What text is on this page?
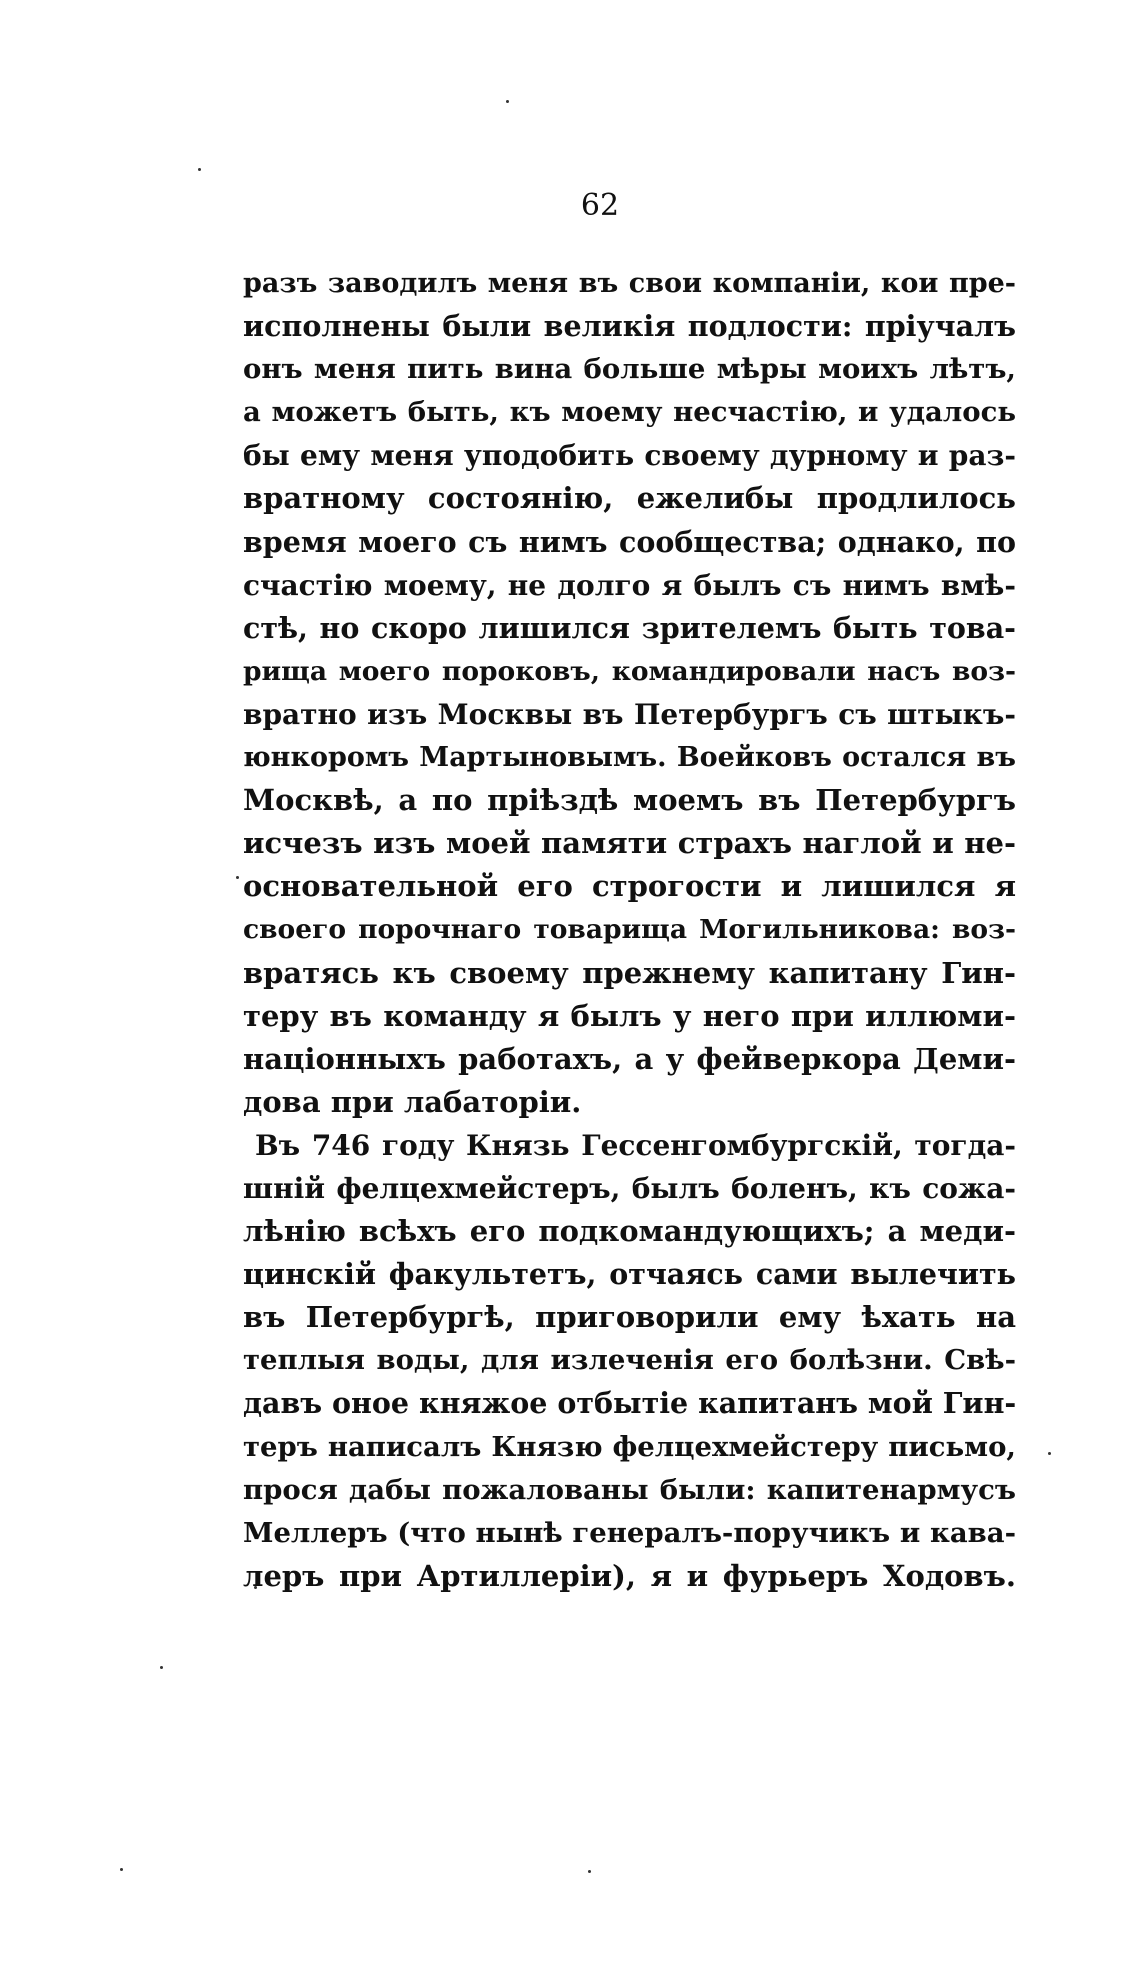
62
разъ заводилъ меня въ свои компаніи, кои пре-
исполнены были великія подлости: пріучалъ
онъ меня пить вина больше мѣры моихъ лѣтъ,
а можетъ быть, къ моему несчастію, и удалось
бы ему меня уподобить своему дурному и раз-
вратному состоянію, ежелибы продлилось
время моего съ нимъ сообщества; однако, по
счастію моему, не долго я былъ съ нимъ вмѣ-
стѣ, но скоро лишился зрителемъ быть това-
рища моего пороковъ, командировали насъ воз-
вратно изъ Москвы въ Петербургъ съ штыкъ-
юнкоромъ Мартыновымъ. Воейковъ остался въ
Москвѣ, а по пріѣздѣ моемъ въ Петербургъ
исчезъ изъ моей памяти страхъ наглой и не-
основательной его строгости и лишился я
своего порочнаго товарища Могильникова: воз-
вратясь къ своему прежнему капитану Гин-
теру въ команду я былъ у него при иллюми-
націонныхъ работахъ, а у фейверкора Деми-
дова при лабаторіи.
Въ 746 году Князь Гессенгомбургскій, тогда-
шній фелцехмейстеръ, былъ боленъ, къ сожа-
лѣнію всѣхъ его подкомандующихъ; а меди-
цинскій факультетъ, отчаясь сами вылечить
въ Петербургѣ, приговорили ему ѣхать на
теплыя воды, для излеченія его болѣзни. Свѣ-
давъ оное княжое отбытіе капитанъ мой Гин-
теръ написалъ Князю фелцехмейстеру письмо,
прося дабы пожалованы были: капитенармусъ
Меллеръ (что нынѣ генералъ-поручикъ и кава-
леръ при Артиллеріи), я и фурьеръ Ходовъ.
